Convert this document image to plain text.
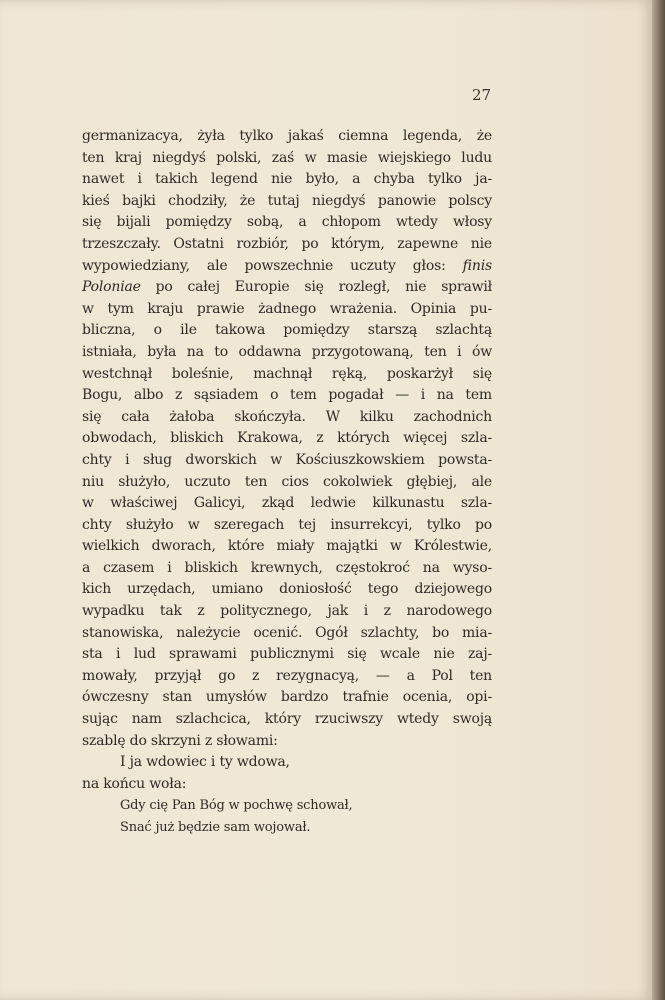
27
germanizacya, żyła tylko jakaś ciemna legenda, że
ten kraj niegdyś polski, zaś w masie wiejskiego ludu
nawet i takich legend nie było, a chyba tylko ja-
kieś bajki chodziły, że tutaj niegdyś panowie polscy
się bijali pomiędzy sobą, a chłopom wtedy włosy
trzeszczały. Ostatni rozbiór, po którym, zapewne nie
wypowiedziany, ale powszechnie uczuty głos: finis
Poloniae po całej Europie się rozległ, nie sprawił
w tym kraju prawie żadnego wrażenia. Opinia pu-
bliczna, o ile takowa pomiędzy starszą szlachtą
istniała, była na to oddawna przygotowaną, ten i ów
westchnął boleśnie, machnął ręką, poskarżył się
Bogu, albo z sąsiadem o tem pogadał — i na tem
się cała żałoba skończyła. W kilku zachodnich
obwodach, bliskich Krakowa, z których więcej szla-
chty i sług dworskich w Kościuszkowskiem powsta-
niu służyło, uczuto ten cios cokolwiek głębiej, ale
w właściwej Galicyi, zkąd ledwie kilkunastu szla-
chty służyło w szeregach tej insurrekcyi, tylko po
wielkich dworach, które miały majątki w Królestwie,
a czasem i bliskich krewnych, częstokroć na wyso-
kich urzędach, umiano doniosłość tego dziejowego
wypadku tak z politycznego, jak i z narodowego
stanowiska, należycie ocenić. Ogół szlachty, bo mia-
sta i lud sprawami publicznymi się wcale nie zaj-
mowały, przyjął go z rezygnacyą, — a Pol ten
ówczesny stan umysłów bardzo trafnie ocenia, opi-
sując nam szlachcica, który rzuciwszy wtedy swoją
szablę do skrzyni z słowami:
I ja wdowiec i ty wdowa,
na końcu woła:
Gdy cię Pan Bóg w pochwę schował,
Snać już będzie sam wojował.
